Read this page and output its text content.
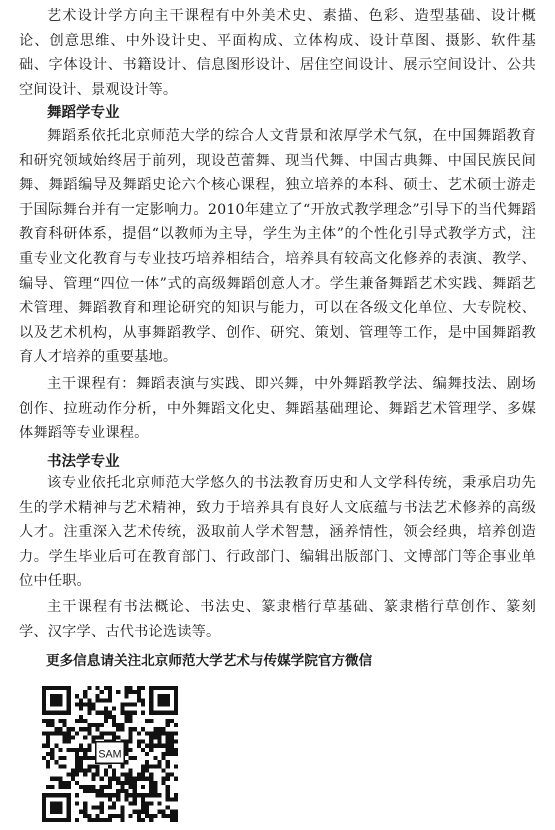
艺术设计学方向主干课程有中外美术史、素描、色彩、造型基础、设计概论、创意思维、中外设计史、平面构成、立体构成、设计草图、摄影、软件基础、字体设计、书籍设计、信息图形设计、居住空间设计、展示空间设计、公共空间设计、景观设计等。

舞蹈学专业

舞蹈系依托北京师范大学的综合人文背景和浓厚学术气氛，在中国舞蹈教育和研究领域始终居于前列，现设芭蕾舞、现当代舞、中国古典舞、中国民族民间舞、舞蹈编导及舞蹈史论六个核心课程，独立培养的本科、硕士、艺术硕士游走于国际舞台并有一定影响力。2010年建立了“开放式教学理念”引导下的当代舞蹈教育科研体系，提倡“以教师为主导，学生为主体”的个性化引导式教学方式，注重专业文化教育与专业技巧培养相结合，培养具有较高文化修养的表演、教学、编导、管理“四位一体”式的高级舞蹈创意人才。学生兼备舞蹈艺术实践、舞蹈艺术管理、舞蹈教育和理论研究的知识与能力，可以在各级文化单位、大专院校、以及艺术机构，从事舞蹈教学、创作、研究、策划、管理等工作，是中国舞蹈教育人才培养的重要基地。

主干课程有：舞蹈表演与实践、即兴舞，中外舞蹈教学法、编舞技法、剧场创作、拉班动作分析，中外舞蹈文化史、舞蹈基础理论、舞蹈艺术管理学、多媒体舞蹈等专业课程。

书法学专业

该专业依托北京师范大学悠久的书法教育历史和人文学科传统，秉承启功先生的学术精神与艺术精神，致力于培养具有良好人文底蕴与书法艺术修养的高级人才。注重深入艺术传统，汲取前人学术智慧，涵养情性，领会经典，培养创造力。学生毕业后可在教育部门、行政部门、编辑出版部门、文博部门等企事业单位中任职。

主干课程有书法概论、书法史、篆隶楷行草基础、篆隶楷行草创作、篆刻学、汉字学、古代书论选读等。

更多信息请关注北京师范大学艺术与传媒学院官方微信

SAM
